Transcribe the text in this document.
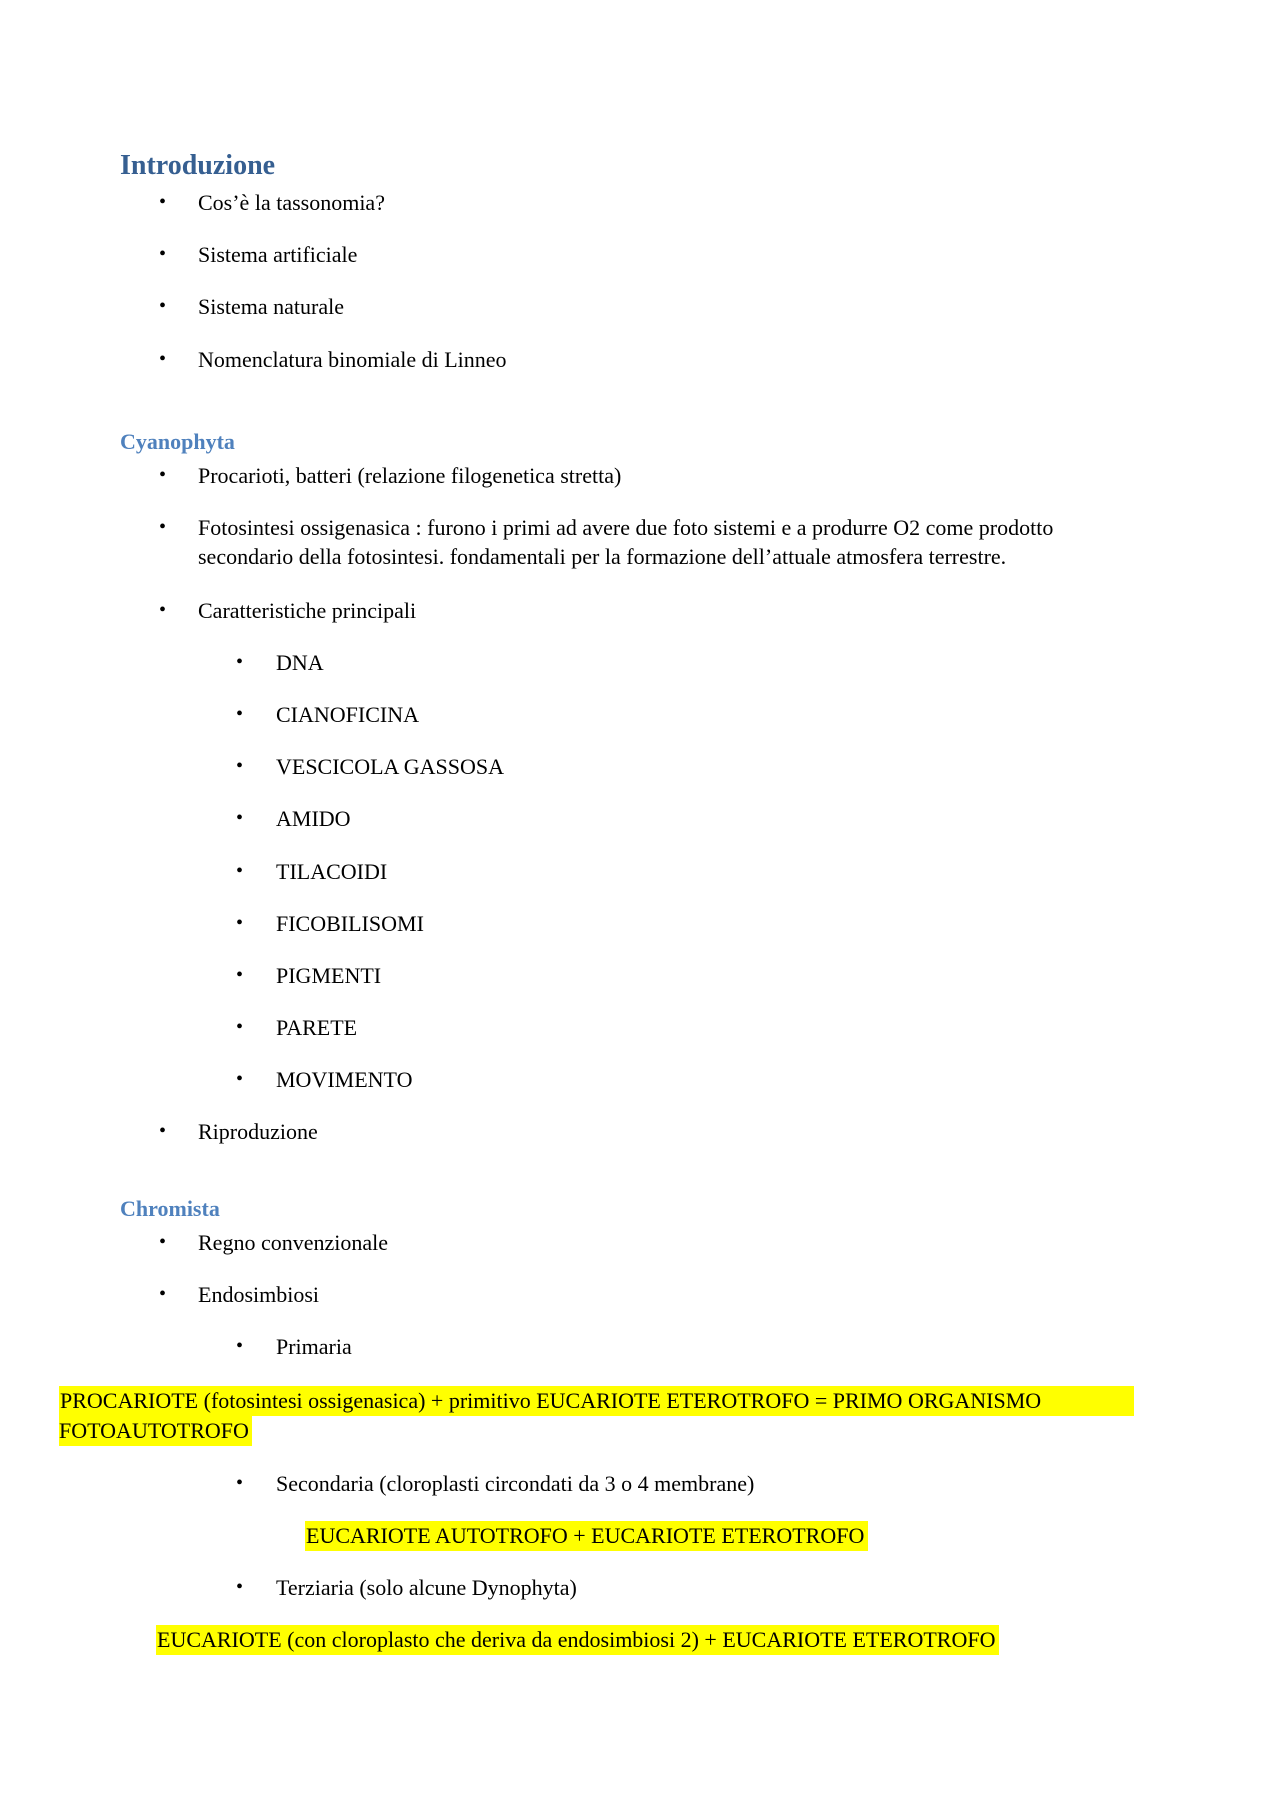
Introduzione
• Cos’è la tassonomia?
• Sistema artificiale
• Sistema naturale
• Nomenclatura binomiale di Linneo
Cyanophyta
• Procarioti, batteri (relazione filogenetica stretta)
• Fotosintesi ossigenasica : furono i primi ad avere due foto sistemi e a produrre O2 come prodotto
secondario della fotosintesi. fondamentali per la formazione dell’attuale atmosfera terrestre.
• Caratteristiche principali
• DNA
• CIANOFICINA
• VESCICOLA GASSOSA
• AMIDO
• TILACOIDI
• FICOBILISOMI
• PIGMENTI
• PARETE
• MOVIMENTO
• Riproduzione
Chromista
• Regno convenzionale
• Endosimbiosi
• Primaria
PROCARIOTE (fotosintesi ossigenasica) + primitivo EUCARIOTE ETEROTROFO = PRIMO ORGANISMO
FOTOAUTOTROFO
• Secondaria (cloroplasti circondati da 3 o 4 membrane)
EUCARIOTE AUTOTROFO + EUCARIOTE ETEROTROFO
• Terziaria (solo alcune Dynophyta)
EUCARIOTE (con cloroplasto che deriva da endosimbiosi 2) + EUCARIOTE ETEROTROFO
